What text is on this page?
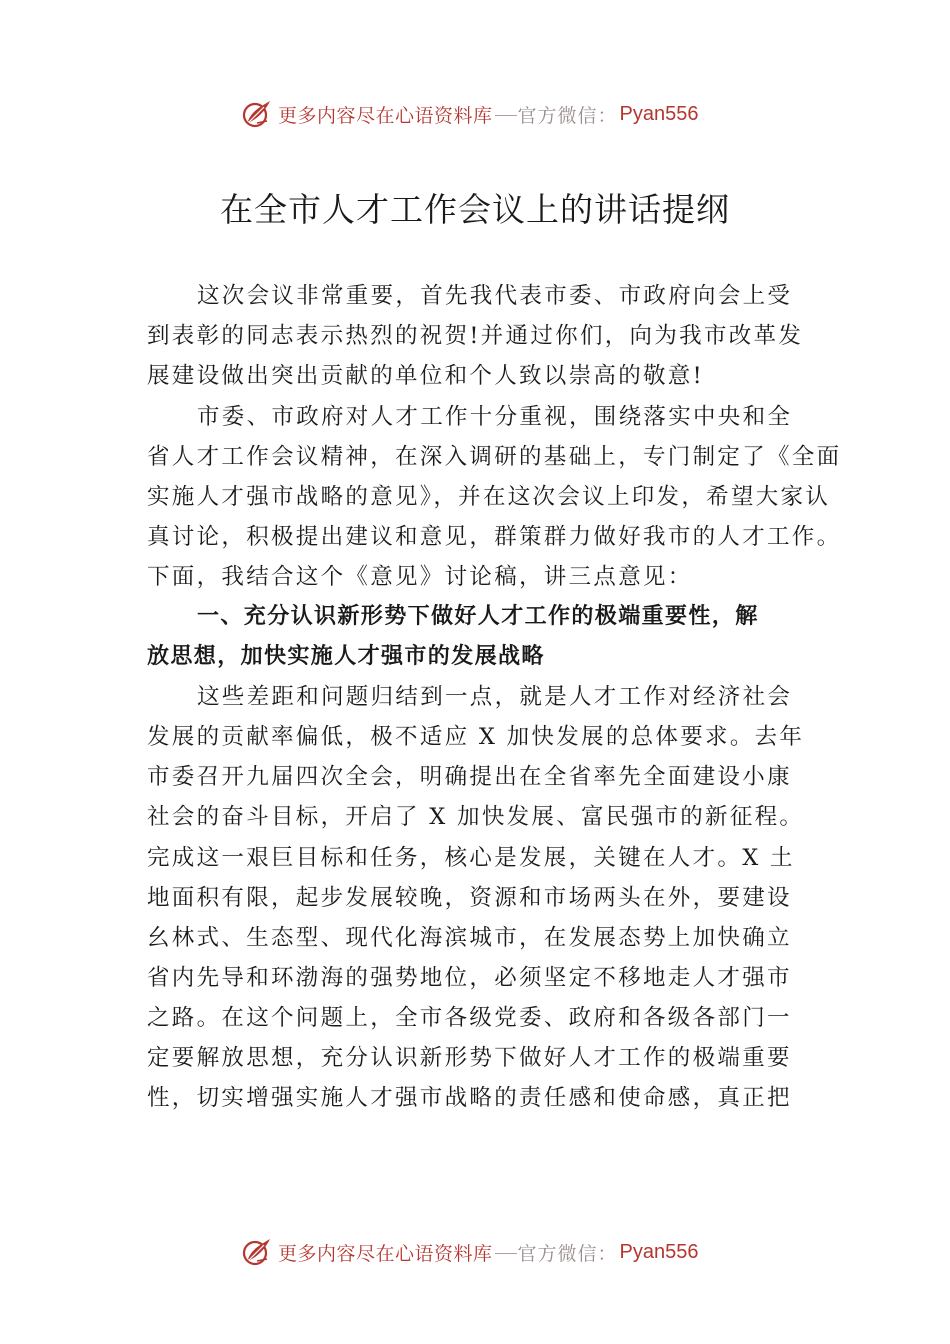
更多内容尽在心语资料库 官方微信： Pyan556
在全市人才工作会议上的讲话提纲
这次会议非常重要，首先我代表市委、市政府向会上受
到表彰的同志表示热烈的祝贺!并通过你们，向为我市改革发
展建设做出突出贡献的单位和个人致以崇高的敬意!
市委、市政府对人才工作十分重视，围绕落实中央和全
省人才工作会议精神，在深入调研的基础上，专门制定了《全面
实施人才强市战略的意见》，并在这次会议上印发，希望大家认
真讨论，积极提出建议和意见，群策群力做好我市的人才工作。
下面，我结合这个《意见》讨论稿，讲三点意见：
一、充分认识新形势下做好人才工作的极端重要性，解
放思想，加快实施人才强市的发展战略
这些差距和问题归结到一点，就是人才工作对经济社会
发展的贡献率偏低，极不适应 X 加快发展的总体要求。去年
市委召开九届四次全会，明确提出在全省率先全面建设小康
社会的奋斗目标，开启了 X 加快发展、富民强市的新征程。
完成这一艰巨目标和任务，核心是发展，关键在人才。X 土
地面积有限，起步发展较晚，资源和市场两头在外，要建设
幺林式、生态型、现代化海滨城市，在发展态势上加快确立
省内先导和环渤海的强势地位，必须坚定不移地走人才强市
之路。在这个问题上，全市各级党委、政府和各级各部门一
定要解放思想，充分认识新形势下做好人才工作的极端重要
性，切实增强实施人才强市战略的责任感和使命感，真正把
更多内容尽在心语资料库 官方微信： Pyan556
